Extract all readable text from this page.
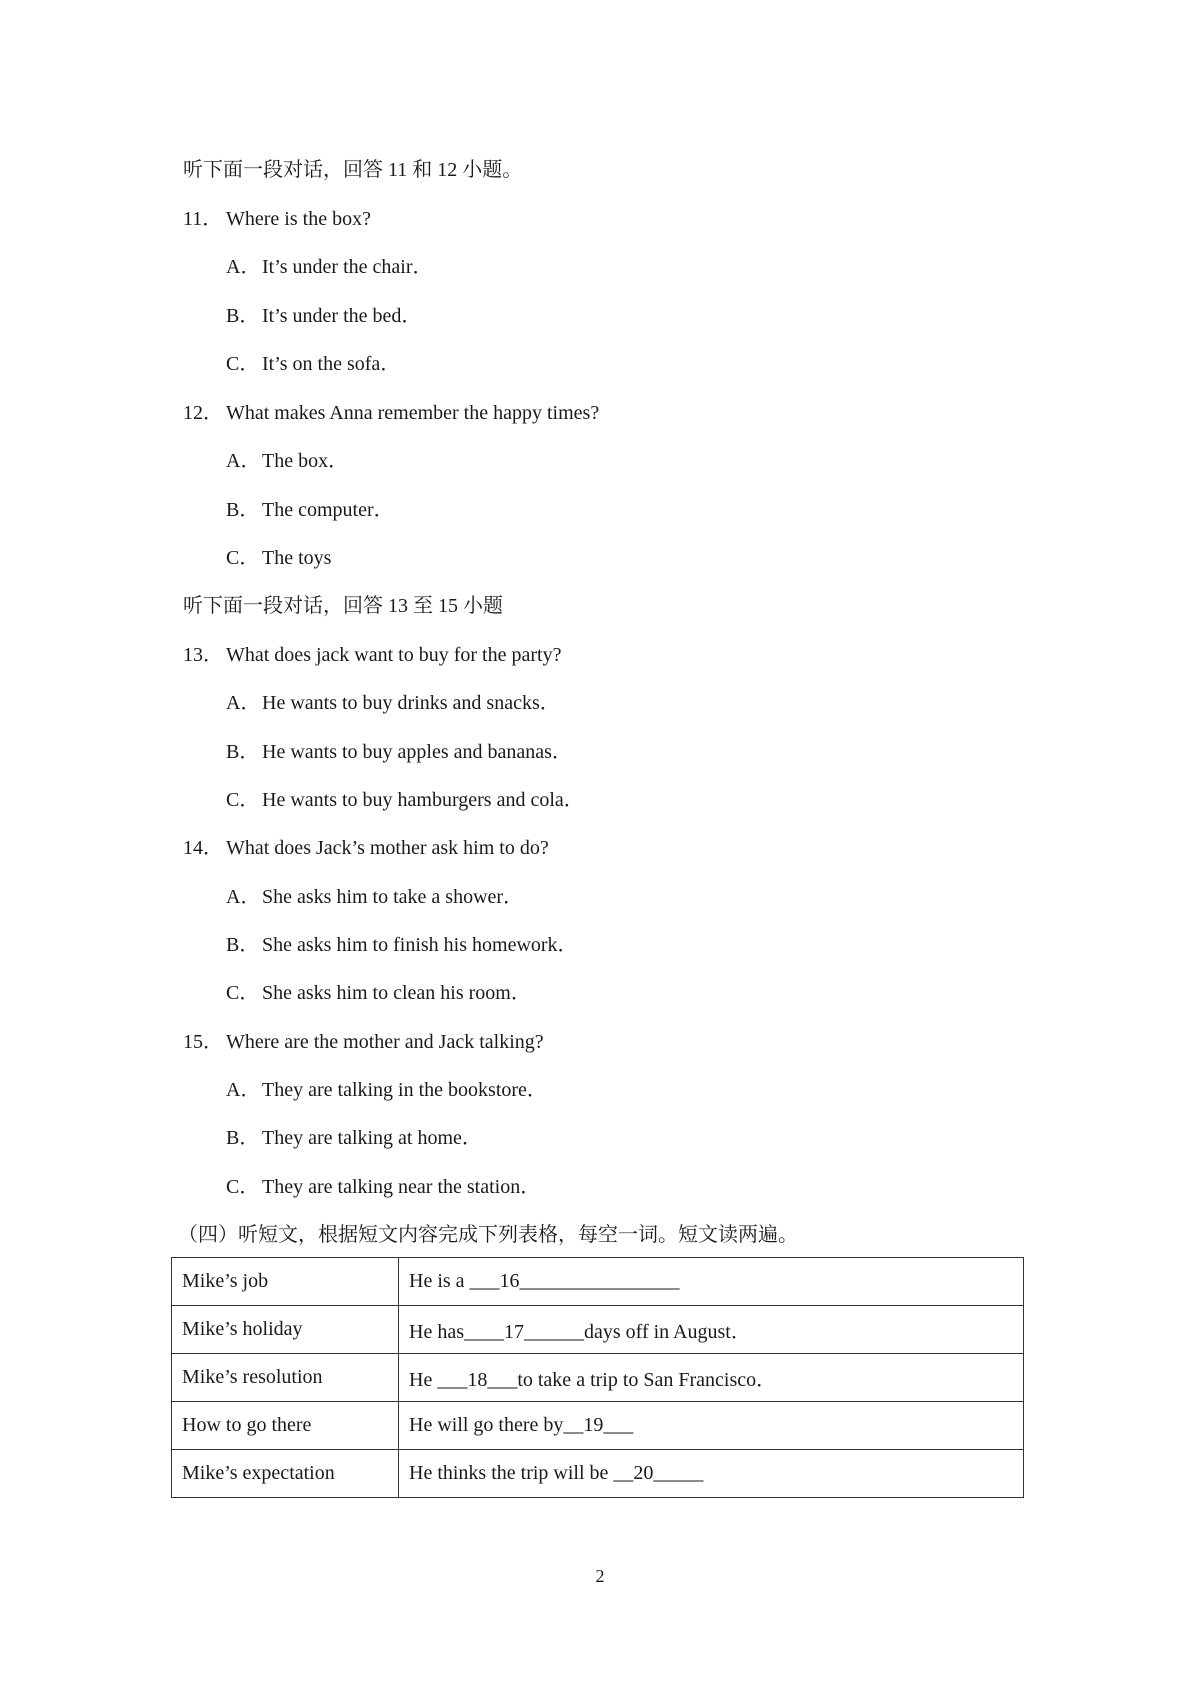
听下面一段对话，回答 11 和 12 小题。
11． Where is the box?
A．It’s under the chair．
B． It’s under the bed．
C． It’s on the sofa．
12． What makes Anna remember the happy times?
A．The box．
B． The computer．
C． The toys
听下面一段对话，回答 13 至 15 小题
13． What does jack want to buy for the party?
A．He wants to buy drinks and snacks．
B． He wants to buy apples and bananas．
C． He wants to buy hamburgers and cola．
14． What does Jack’s mother ask him to do?
A．She asks him to take a shower．
B． She asks him to finish his homework．
C． She asks him to clean his room．
15． Where are the mother and Jack talking?
A．They are talking in the bookstore．
B． They are talking at home．
C． They are talking near the station．
（四）听短文，根据短文内容完成下列表格，每空一词。短文读两遍。
Mike’s job	He is a ___16________________
Mike’s holiday	He has____17______days off in August．
Mike’s resolution	He ___18___to take a trip to San Francisco．
How to go there	He will go there by__19___
Mike’s expectation	He thinks the trip will be __20_____
2
